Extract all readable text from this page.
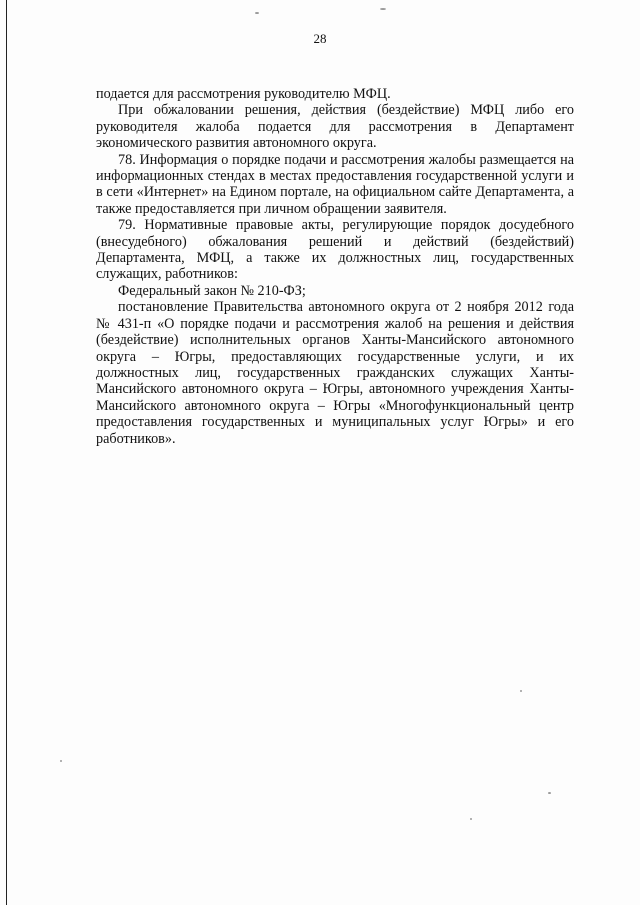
28

подается для рассмотрения руководителю МФЦ.

При обжаловании решения, действия (бездействие) МФЦ либо его руководителя жалоба подается для рассмотрения в Департамент экономического развития автономного округа.

78. Информация о порядке подачи и рассмотрения жалобы размещается на информационных стендах в местах предоставления государственной услуги и в сети «Интернет» на Едином портале, на официальном сайте Департамента, а также предоставляется при личном обращении заявителя.

79. Нормативные правовые акты, регулирующие порядок досудебного (внесудебного) обжалования решений и действий (бездействий) Департамента, МФЦ, а также их должностных лиц, государственных служащих, работников:

Федеральный закон № 210-ФЗ;

постановление Правительства автономного округа от 2 ноября 2012 года № 431-п «О порядке подачи и рассмотрения жалоб на решения и действия (бездействие) исполнительных органов Ханты-Мансийского автономного округа – Югры, предоставляющих государственные услуги, и их должностных лиц, государственных гражданских служащих Ханты-Мансийского автономного округа – Югры, автономного учреждения Ханты-Мансийского автономного округа – Югры «Многофункциональный центр предоставления государственных и муниципальных услуг Югры» и его работников».
